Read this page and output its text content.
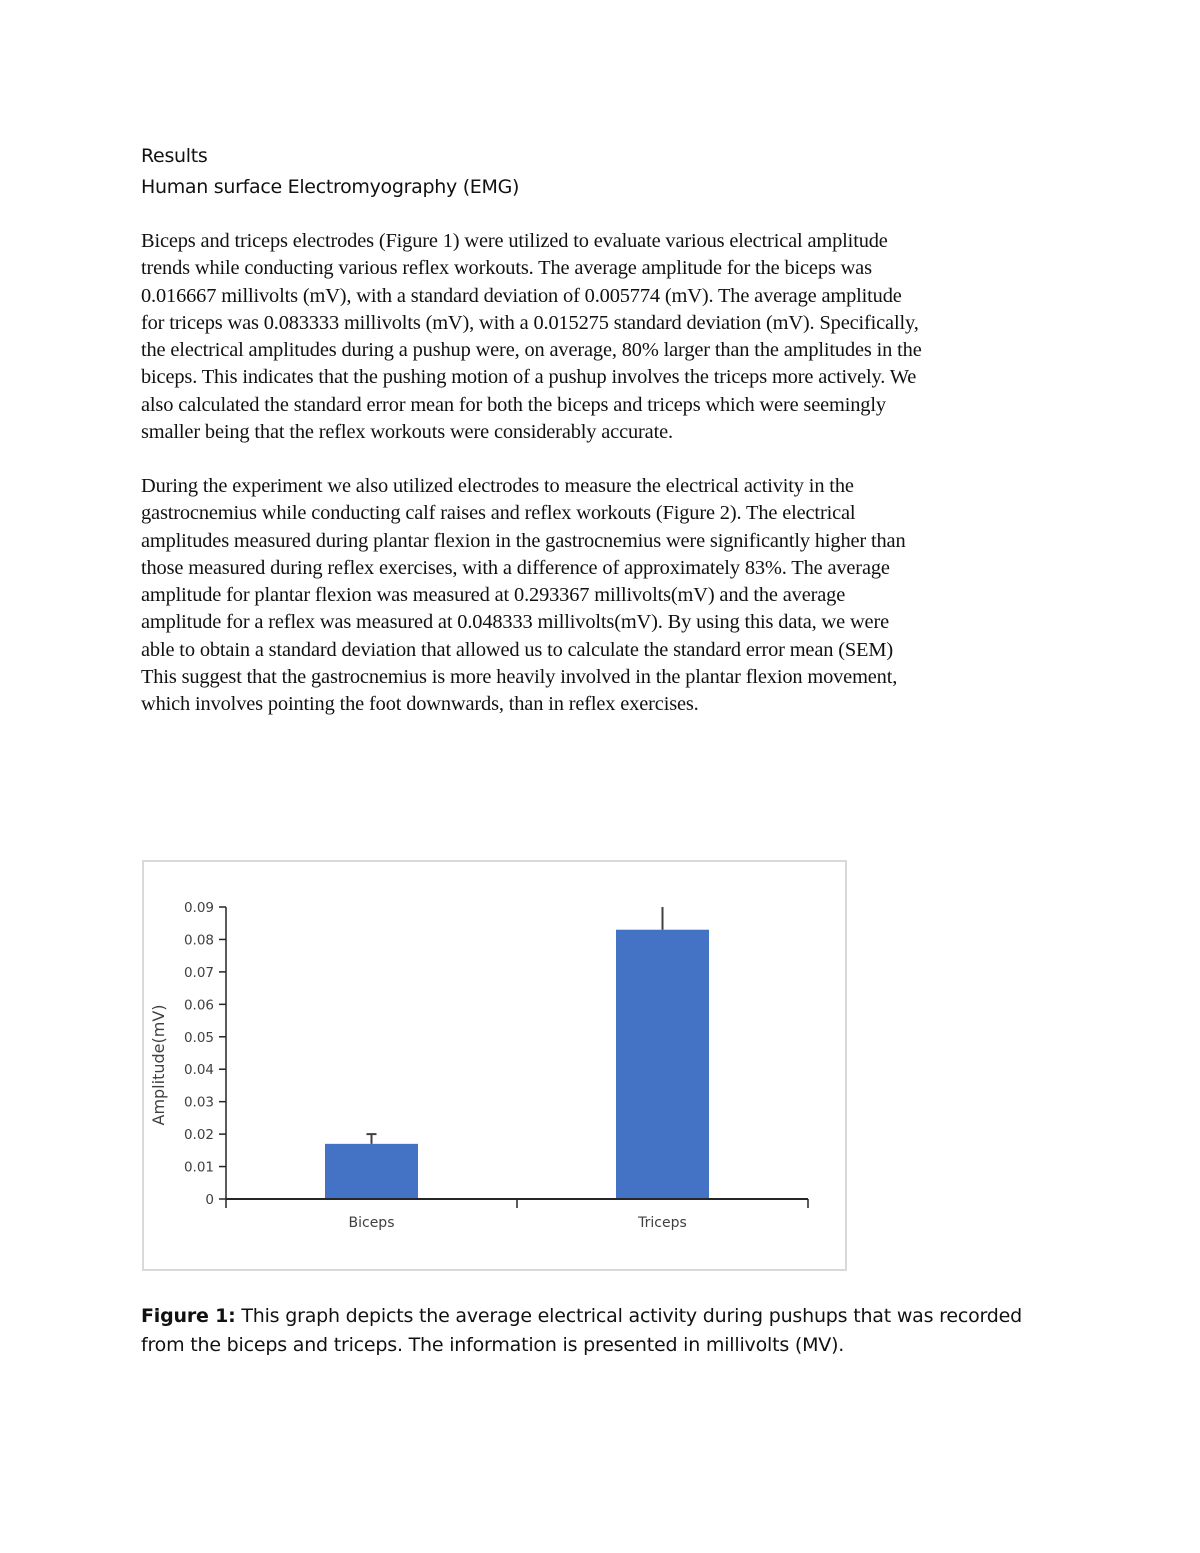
Results
Human surface Electromyography (EMG)
Biceps and triceps electrodes (Figure 1) were utilized to evaluate various electrical amplitude
trends while conducting various reflex workouts. The average amplitude for the biceps was
0.016667 millivolts (mV), with a standard deviation of 0.005774 (mV). The average amplitude
for triceps was 0.083333 millivolts (mV), with a 0.015275 standard deviation (mV). Specifically,
the electrical amplitudes during a pushup were, on average, 80% larger than the amplitudes in the
biceps. This indicates that the pushing motion of a pushup involves the triceps more actively. We
also calculated the standard error mean for both the biceps and triceps which were seemingly
smaller being that the reflex workouts were considerably accurate.
During the experiment we also utilized electrodes to measure the electrical activity in the
gastrocnemius while conducting calf raises and reflex workouts (Figure 2). The electrical
amplitudes measured during plantar flexion in the gastrocnemius were significantly higher than
those measured during reflex exercises, with a difference of approximately 83%. The average
amplitude for plantar flexion was measured at 0.293367 millivolts(mV) and the average
amplitude for a reflex was measured at 0.048333 millivolts(mV). By using this data, we were
able to obtain a standard deviation that allowed us to calculate the standard error mean (SEM)
This suggest that the gastrocnemius is more heavily involved in the plantar flexion movement,
which involves pointing the foot downwards, than in reflex exercises.
0
0.01
0.02
0.03
0.04
0.05
0.06
0.07
0.08
0.09
Biceps	Triceps
Amplitude(mV)
Figure 1: This graph depicts the average electrical activity during pushups that was recorded
from the biceps and triceps. The information is presented in millivolts (MV).
